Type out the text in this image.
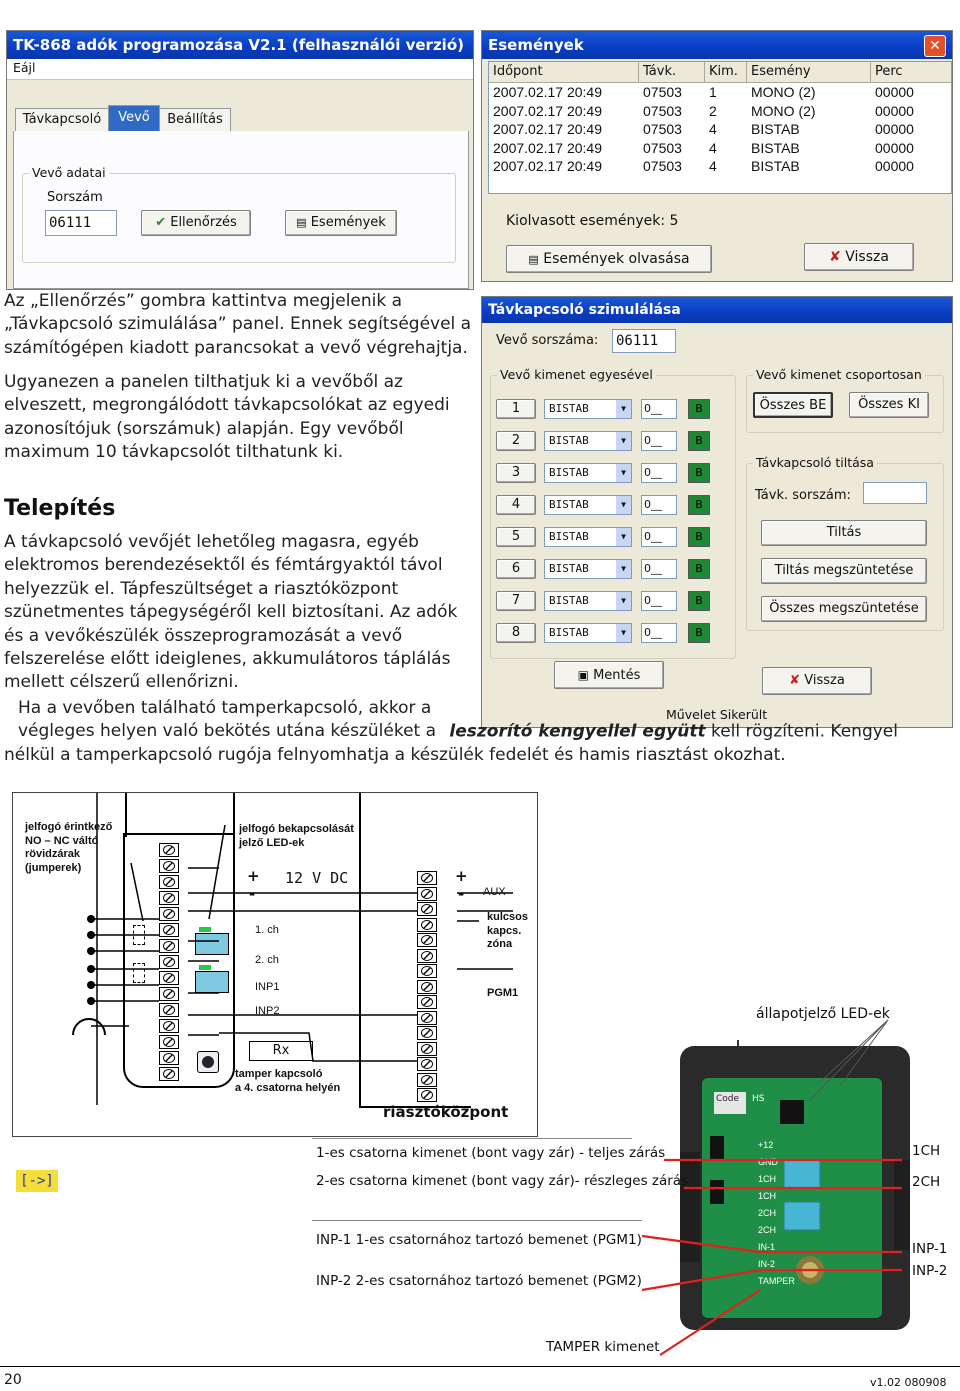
TK-868 adók programozása V2.1 (felhasználói verzió)
Eájl
Távkapcsoló	Vevő	Beállítás
Vevő adatai
Sorszám
06111	✔ Ellenőrzés	▤ Események
Események	✕
Időpont	Távk.	Kim.	Esemény	Perc
2007.02.17 20:49	07503	1	MONO (2)	00000
2007.02.17 20:49	07503	2	MONO (2)	00000
2007.02.17 20:49	07503	4	BISTAB	00000
2007.02.17 20:49	07503	4	BISTAB	00000
2007.02.17 20:49	07503	4	BISTAB	00000
Kiolvasott események: 5
▤ Események olvasása	✘ Vissza
Távkapcsoló szimulálása
Vevő sorszáma: 06111
Vevő kimenet egyesével	Vevő kimenet csoportosan
Összes BE	Összes KI
Távkapcsoló tiltása
Távk. sorszám:
Tiltás
Tiltás megszüntetése
Összes megszüntetése
▣ Mentés	✘ Vissza
Művelet Sikerült
1	BISTAB	▼	0__	B
2	BISTAB	▼	0__	B
3	BISTAB	▼	0__	B
4	BISTAB	▼	0__	B
5	BISTAB	▼	0__	B
6	BISTAB	▼	0__	B
7	BISTAB	▼	0__	B
8	BISTAB	▼	0__	B
Az „Ellenőrzés” gombra kattintva megjelenik a „Távkapcsoló szimulálása” panel. Ennek segítségével a számítógépen kiadott parancsokat a vevő végrehajtja.
Ugyanezen a panelen tilthatjuk ki a vevőből az elveszett, megrongálódott távkapcsolókat az egyedi azonosítójuk (sorszámuk) alapján. Egy vevőből maximum 10 távkapcsolót tilthatunk ki.
Telepítés
A távkapcsoló vevőjét lehetőleg magasra, egyéb elektromos berendezésektől és fémtárgyaktól távol helyezzük el. Tápfeszültséget a riasztóközpont szünetmentes tápegységéről kell biztosítani. Az adók és a vevőkészülék összeprogramozását a vevő felszerelése előtt ideiglenes, akkumulátoros táplálás mellett célszerű ellenőrizni.
Ha a vevőben található tamperkapcsoló, akkor a végleges helyen való bekötés utána készüléket a leszorító kengyellel együtt kell rögzíteni. Kengyel nélkül a tamperkapcsoló rugója felnyomhatja a készülék fedelét és hamis riasztást okozhat.
jelfogó érintkező
NO – NC váltó
rövidzárak
(jumperek)
jelfogó bekapcsolását
jelző LED-ek
+
-
12 V DC	+
- AUX
1. ch
2. ch
INP1
INP2
Rx
kulcsos
kapcs.
zóna
PGM1
tamper kapcsoló
a 4. csatorna helyén
riasztóközpont
állapotjelző LED-ek
Code HS
+12
GND
1CH
1CH
2CH
2CH
IN-1
IN-2
TAMPER
[->]
1-es csatorna kimenet (bont vagy zár) - teljes zárás
2-es csatorna kimenet (bont vagy zár)- részleges zárás
INP-1 1-es csatornához tartozó bemenet (PGM1)
INP-2 2-es csatornához tartozó bemenet (PGM2)
TAMPER kimenet
1CH
2CH
INP-1
INP-2
20	v1.02 080908
